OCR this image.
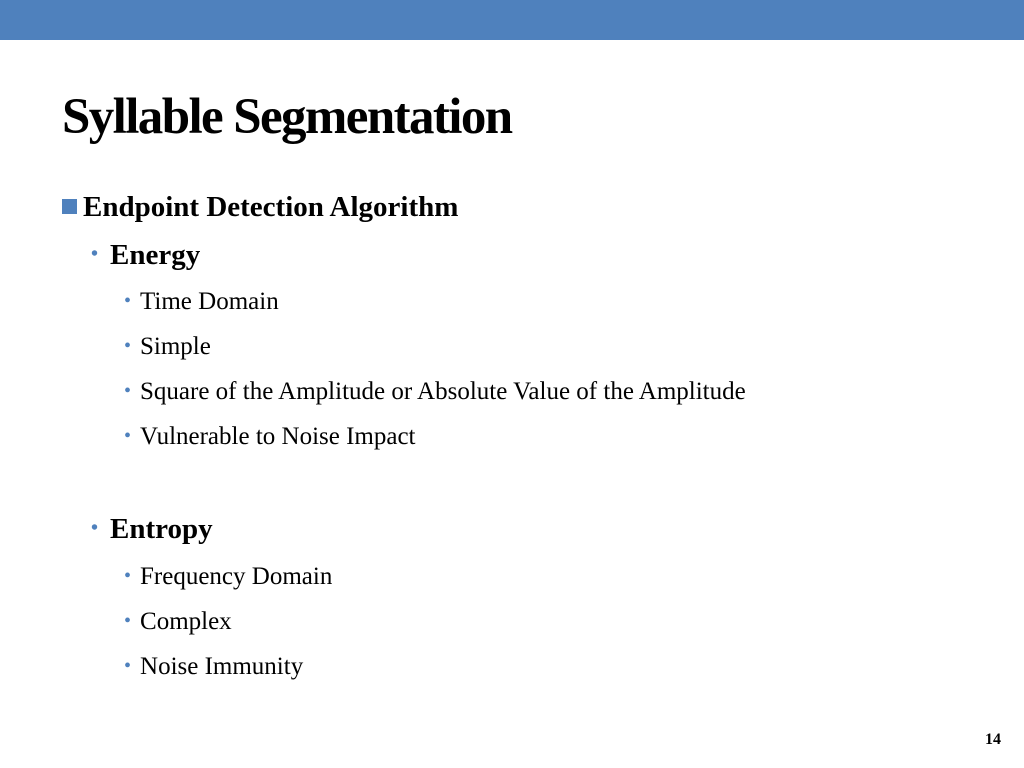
Syllable Segmentation
Endpoint Detection Algorithm
• Energy
• Time Domain
• Simple
• Square of the Amplitude or Absolute Value of the Amplitude
• Vulnerable to Noise Impact
• Entropy
• Frequency Domain
• Complex
• Noise Immunity
14
